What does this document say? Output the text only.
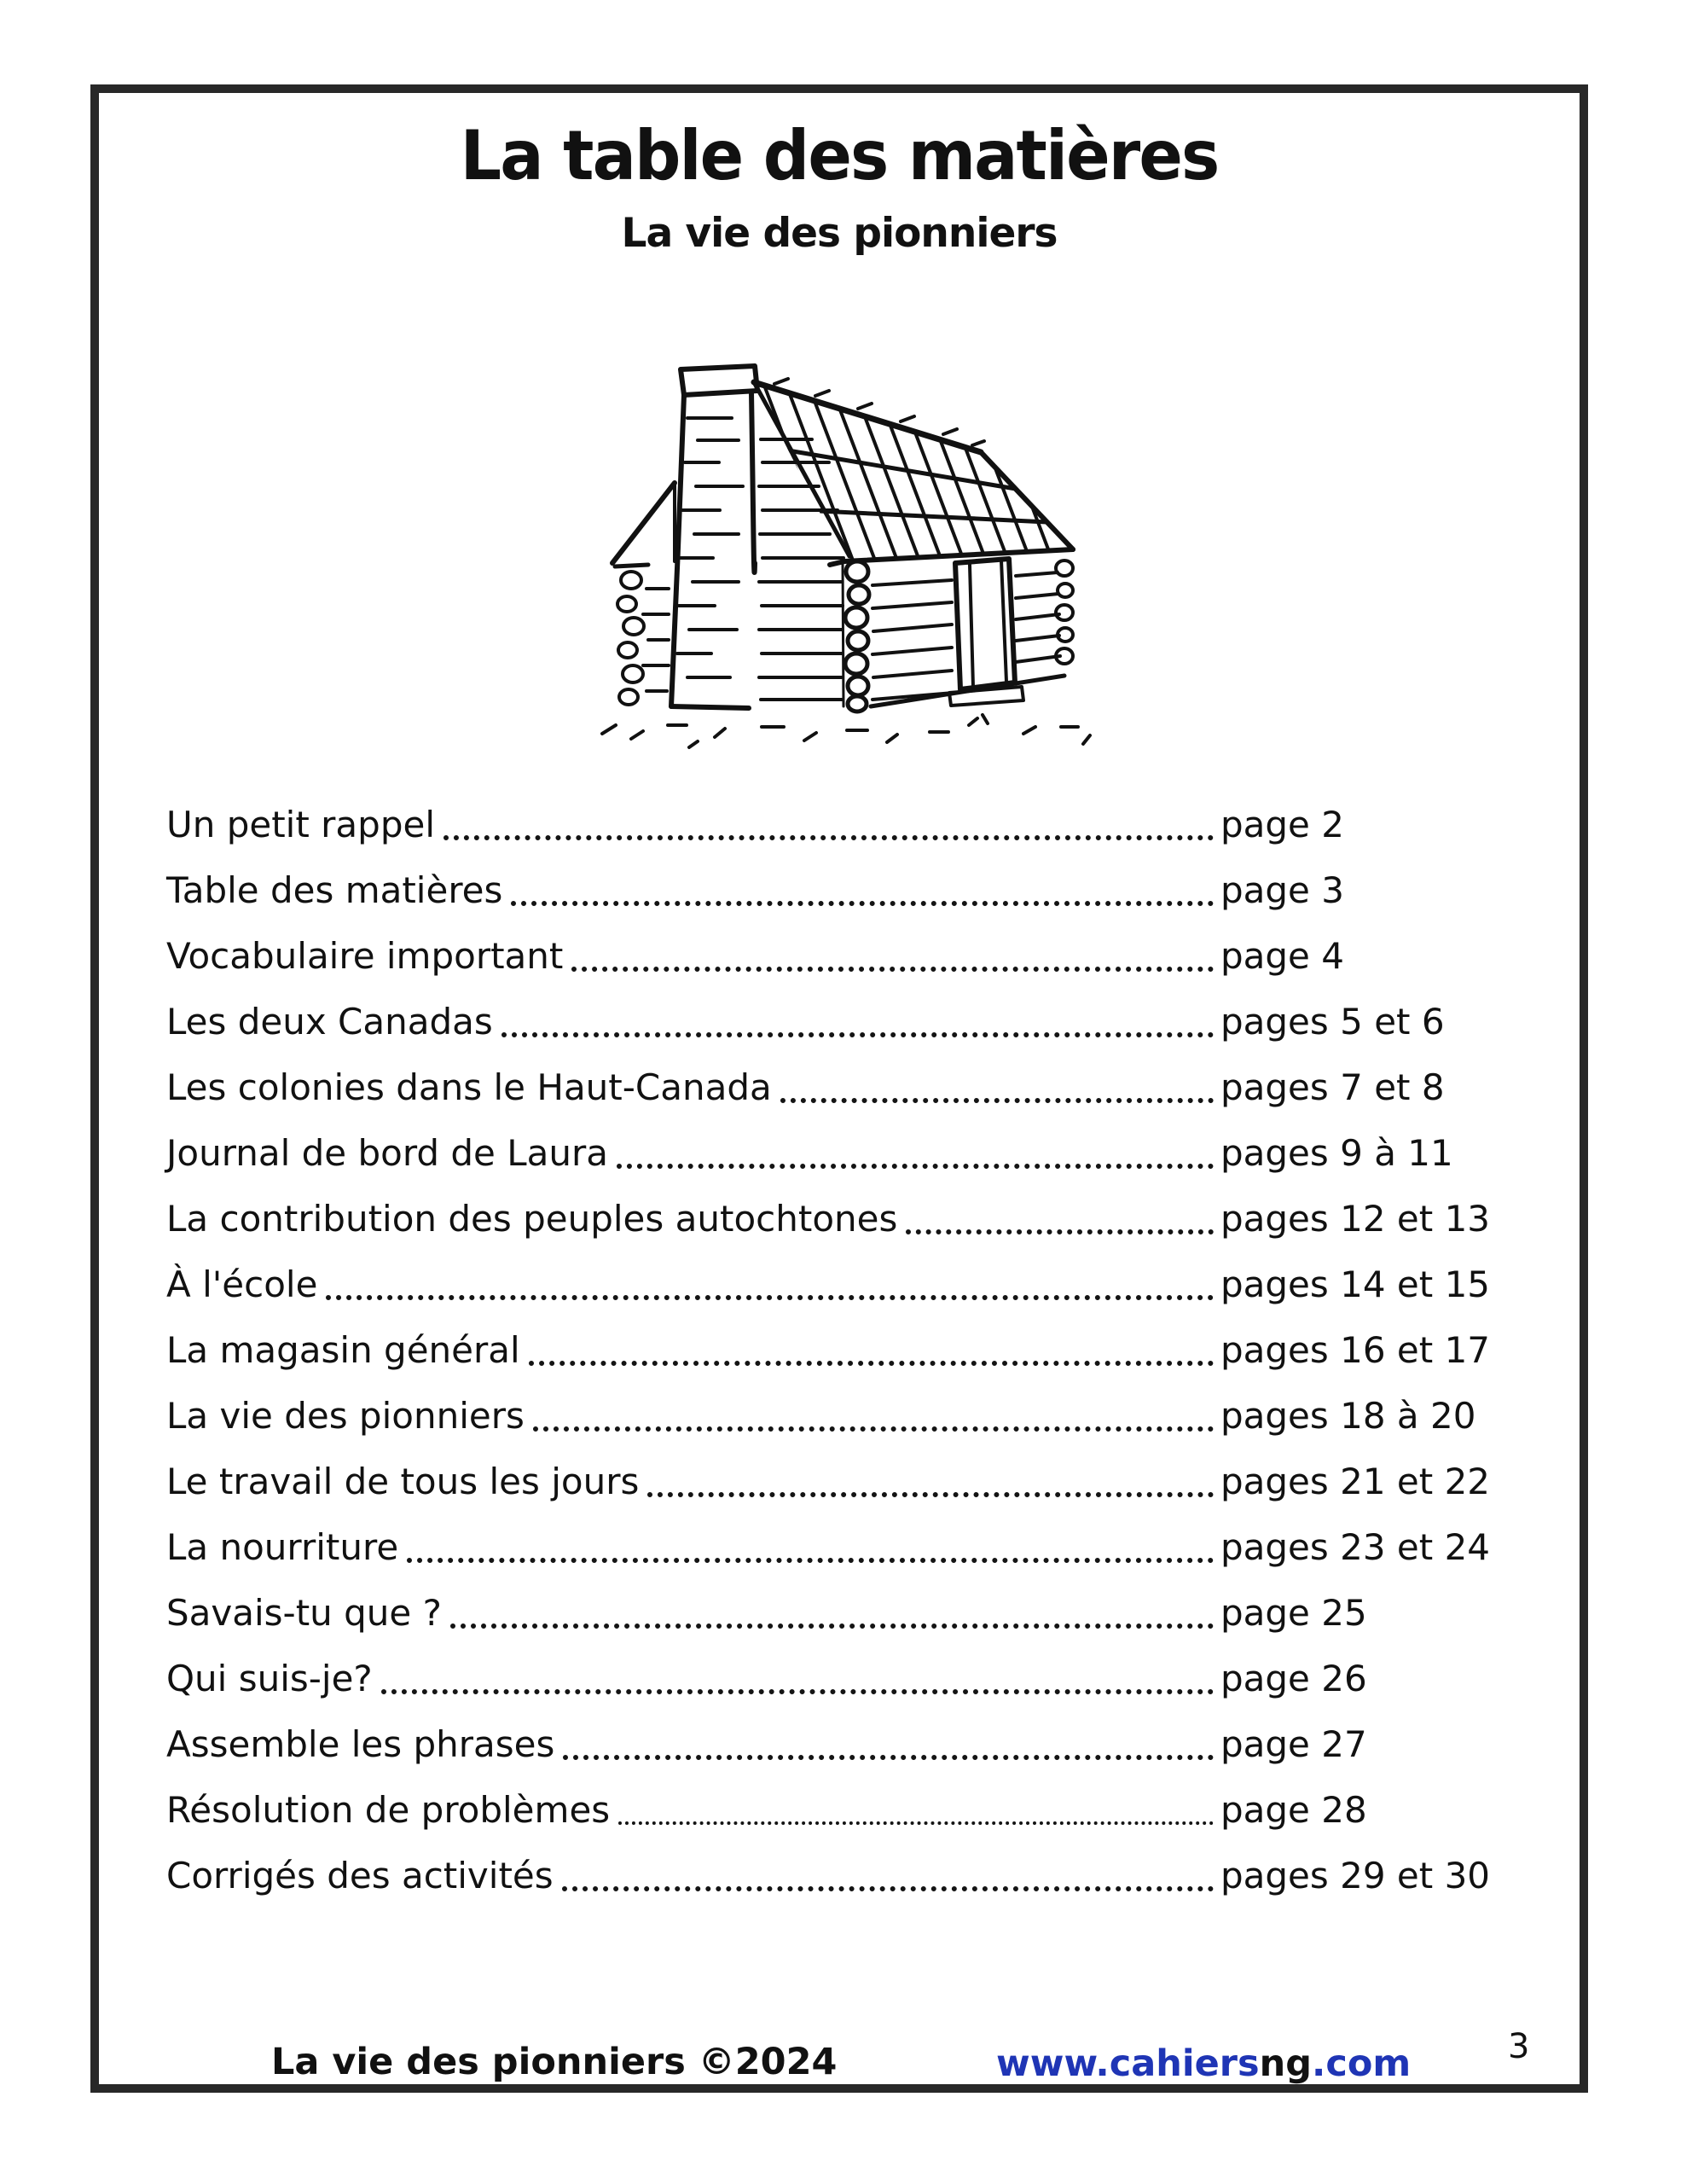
La table des matières
La vie des pionniers
Un petit rappel	page 2
Table des matières	page 3
Vocabulaire important	page 4
Les deux Canadas	pages 5 et 6
Les colonies dans le Haut-Canada	pages 7 et 8
Journal de bord de Laura	pages 9 à 11
La contribution des peuples autochtones	pages 12 et 13
À l'école	pages 14 et 15
La magasin général	pages 16 et 17
La vie des pionniers	pages 18 à 20
Le travail de tous les jours	pages 21 et 22
La nourriture	pages 23 et 24
Savais-tu que ?	page 25
Qui suis-je?	page 26
Assemble les phrases	page 27
Résolution de problèmes	page 28
Corrigés des activités	pages 29 et 30
La vie des pionniers ©2024	www.cahiersng.com	3
